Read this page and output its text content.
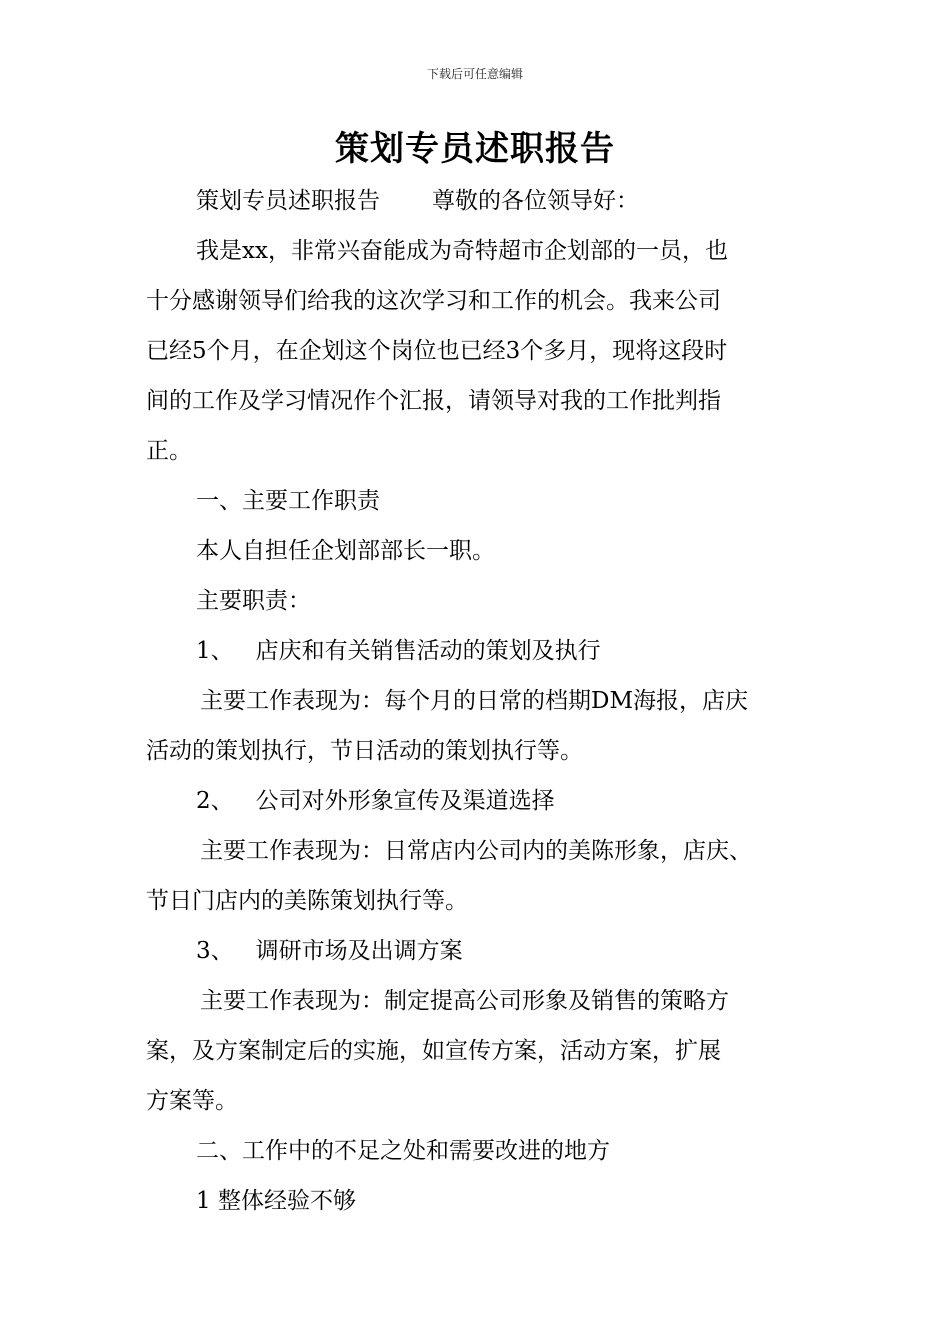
下载后可任意编辑
策划专员述职报告
策划专员述职报告 尊敬的各位领导好：
我是xx，非常兴奋能成为奇特超市企划部的一员，也
十分感谢领导们给我的这次学习和工作的机会。我来公司
已经5个月，在企划这个岗位也已经3个多月，现将这段时
间的工作及学习情况作个汇报，请领导对我的工作批判指
正。
一、主要工作职责
本人自担任企划部部长一职。
主要职责：
1、 店庆和有关销售活动的策划及执行
主要工作表现为：每个月的日常的档期DM海报，店庆
活动的策划执行，节日活动的策划执行等。
2、 公司对外形象宣传及渠道选择
主要工作表现为：日常店内公司内的美陈形象，店庆、
节日门店内的美陈策划执行等。
3、 调研市场及出调方案
主要工作表现为：制定提高公司形象及销售的策略方
案，及方案制定后的实施，如宣传方案，活动方案，扩展
方案等。
二、工作中的不足之处和需要改进的地方
1 整体经验不够
